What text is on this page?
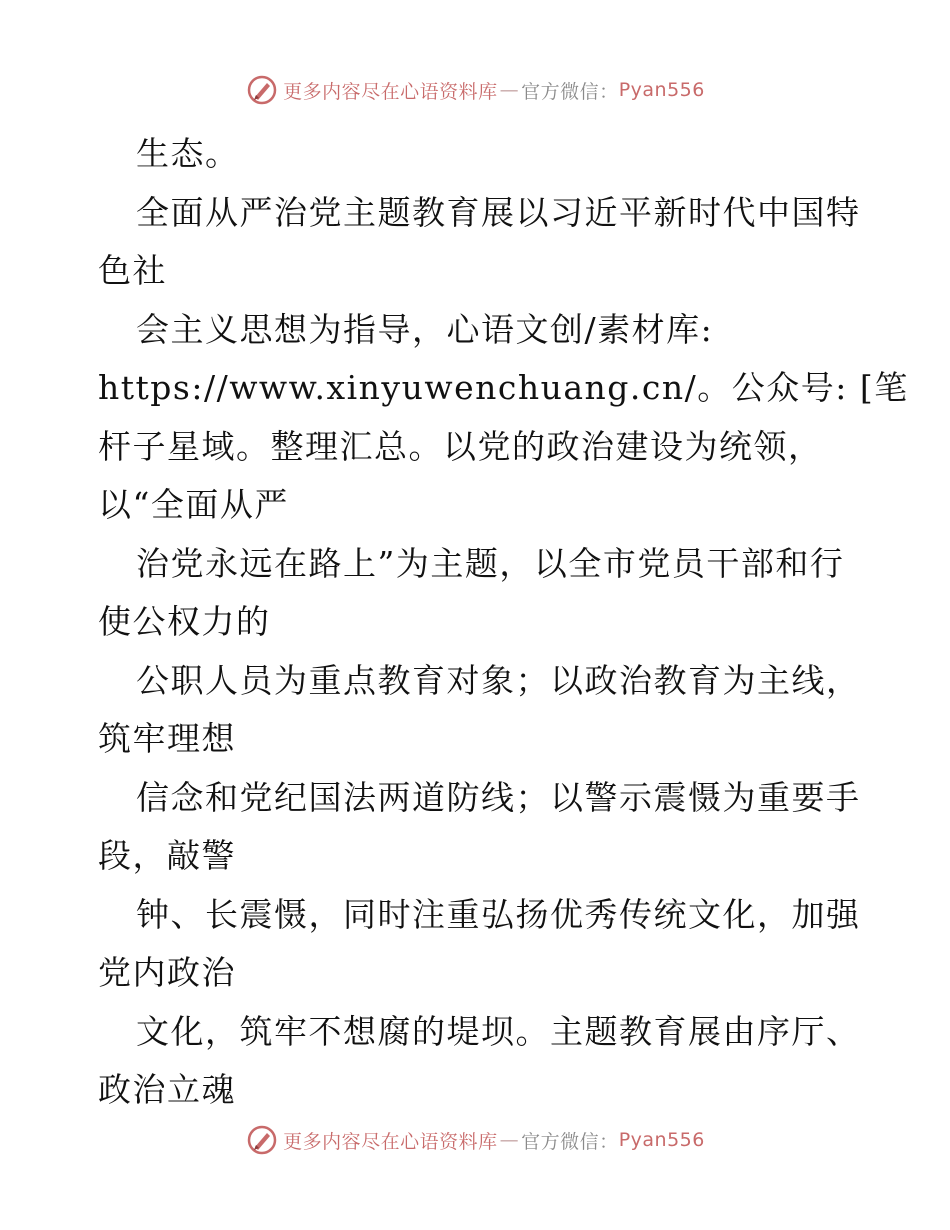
更多内容尽在心语资料库 — 官方微信： Pyan556
生态。
全面从严治党主题教育展以习近平新时代中国特
色社
会主义思想为指导，心语文创/素材库:
https://www.xinyuwenchuang.cn/。公众号: [笔
杆子星域。整理汇总。以党的政治建设为统领，
以“全面从严
治党永远在路上”为主题，以全市党员干部和行
使公权力的
公职人员为重点教育对象；以政治教育为主线，
筑牢理想
信念和党纪国法两道防线；以警示震慑为重要手
段，敲警
钟、长震慑，同时注重弘扬优秀传统文化，加强
党内政治
文化，筑牢不想腐的堤坝。主题教育展由序厅、
政治立魂
更多内容尽在心语资料库 — 官方微信： Pyan556
